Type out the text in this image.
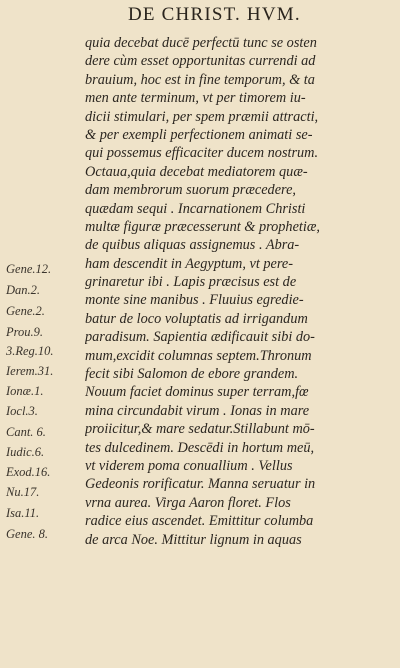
DE CHRIST. HVM.
quia decebat ducē perfectū tunc se osten
dere cùm esset opportunitas currendi ad
brauium, hoc est in fine temporum, & ta
men ante terminum, vt per timorem iu-
dicii stimulari, per spem præmii attracti,
& per exempli perfectionem animati se-
qui possemus efficaciter ducem nostrum.
Octaua,quia decebat mediatorem quæ-
dam membrorum suorum præcedere,
quædam sequi . Incarnationem Christi
multæ figuræ præcesserunt & prophetiæ,
de quibus aliquas assignemus . Abra-
ham descendit in Aegyptum, vt pere-
grinaretur ibi . Lapis præcisus est de
monte sine manibus . Fluuius egredie-
batur de loco voluptatis ad irrigandum
paradisum. Sapientia ædificauit sibi do-
mum,excidit columnas septem.Thronum
fecit sibi Salomon de ebore grandem.
Nouum faciet dominus super terram,fœ
mina circundabit virum . Ionas in mare
proiicitur,& mare sedatur.Stillabunt mō-
tes dulcedinem. Descēdi in hortum meū,
vt viderem poma conuallium . Vellus
Gedeonis rorificatur. Manna seruatur in
vrna aurea. Virga Aaron floret. Flos
radice eius ascendet. Emittitur columba
de arca Noe. Mittitur lignum in aquas
Gene.12.
Dan.2.
Gene.2.
Prou.9.
3.Reg.10.
Ierem.31.
Ionæ.1.
Iocl.3.
Cant. 6.
Iudic.6.
Exod.16.
Nu.17.
Isa.11.
Gene. 8.
